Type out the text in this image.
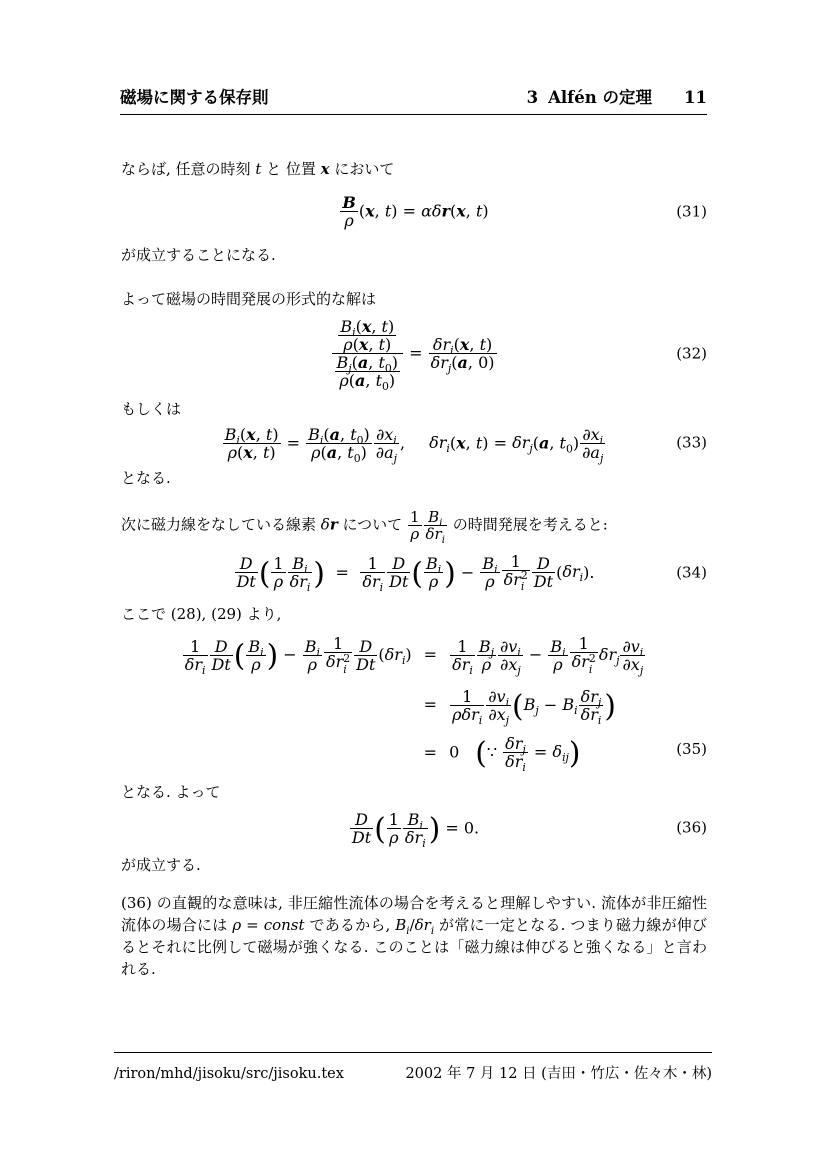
磁場に関する保存則	3 Alfén の定理 11

ならば, 任意の時刻 t と 位置 x において

$\frac{B}{\rho} (x$, t) = αδr(x, t)	(31)

が成立することになる.

よって磁場の時間発展の形式的な解は

$\frac{\frac{B_i(x, t)}{\rho(x, t)}}{\frac{B_j(a, t_0)}{\rho(a, t_0)}} = \delta r_i(x$, t)
$\delta r_j(a$, 0)	(32)

もしくは

$\frac{B_i(x, t)}{\rho(x, t)} = \frac{B_i(a, t_0)}{\rho(a, t_0)} \frac{\partial x_i}{\partial a_j}$ ,  $\delta r_i(x$, $t) = \delta r_j(a$, $t_0) \frac{\partial x_i}{\partial a_j}$	(33)

となる.

次に磁力線をなしている線素 δr について $\frac{1}{\rho} B_i$
$\delta r_i$
の時間発展を考えると:

$\frac{D}{Dt}$ ( $\frac{1}{\rho} B_i$
$\delta r_i$ )  =   1
$\delta r_i \frac{D}{Dt}$ ( $\frac{B_i}{\rho}$ ) − $\frac{B_i}{\rho} 1$
δr 2
i $\frac{D}{Dt} (\delta r_i)$.	(34)

ここで (28), (29) より,

1
$\delta r_i \frac{D}{Dt}$ ( $\frac{B_i}{\rho}$ ) − $\frac{B_i}{\rho} 1$
δr 2
i $\frac{D}{Dt} (\delta r_i)$ =	1
$\delta r_i \frac{B_j}{\rho} \frac{\partial v_i}{\partial x_j} - \frac{B_i}{\rho} 1$
δr 2
i $\delta r_j \frac{\partial v_i}{\partial x_j}$
=	1
$\rho\delta r_i \frac{\partial v_i}{\partial x_j} (B_j - B_i$
$\delta r_j$
$\delta r_i$ )
= 0 (∵ $\delta r_j$
$\delta r_i$
= $\delta_{ij}$)	(35)

となる. よって

$\frac{D}{Dt}$ ( $\frac{1}{\rho} B_i$
$\delta r_i$ ) = 0.	(36)

が成立する.

(36) の直観的な意味は, 非圧縮性流体の場合を考えると理解しやすい. 流体が非圧縮性流体の場合には ρ = const であるから, $B_i/\delta r_i$ が常に一定となる. つまり磁力線が伸びるとそれに比例して磁場が強くなる. このことは「磁力線は伸びると強くなる」と言われる.

/riron/mhd/jisoku/src/jisoku.tex	2002 年 7 月 12 日 (吉田・竹広・佐々木・林)
